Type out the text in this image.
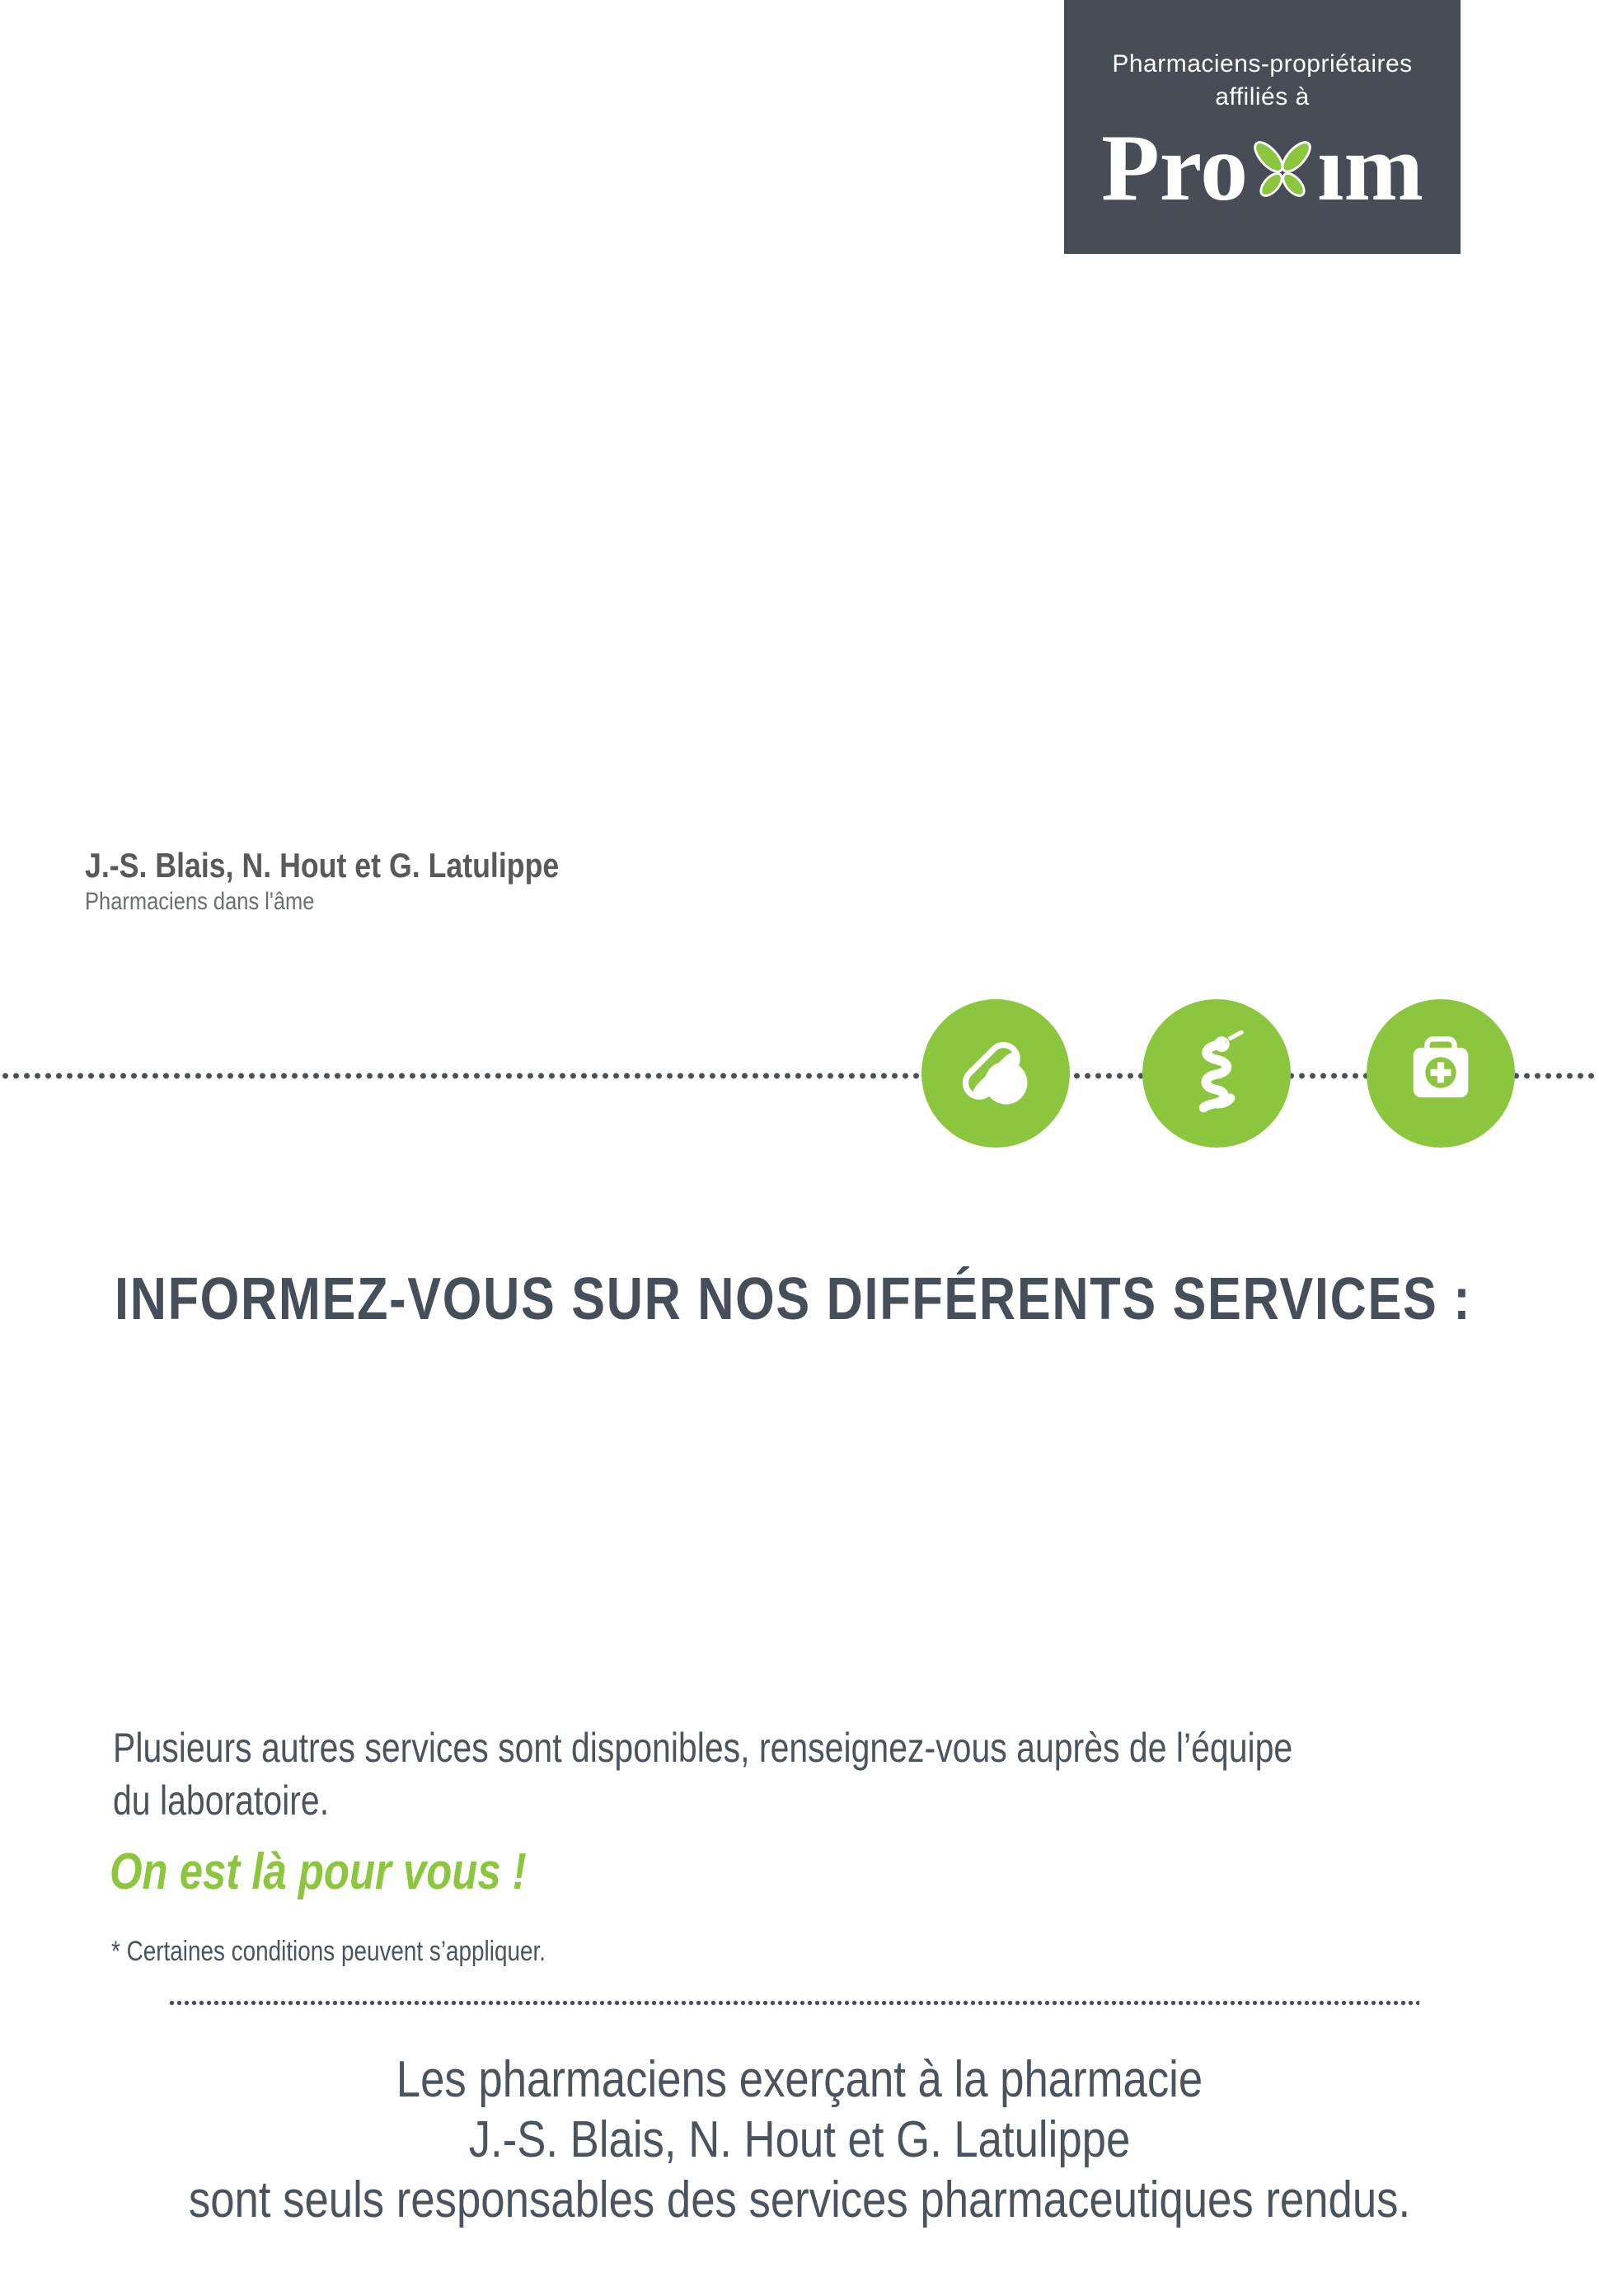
Pharmaciens-propriétaires
affiliés à
Pro ım
J.-S. Blais, N. Hout et G. Latulippe
Pharmaciens dans l'âme
INFORMEZ-VOUS SUR NOS DIFFÉRENTS SERVICES :
Plusieurs autres services sont disponibles, renseignez-vous auprès de l’équipe
du laboratoire.
On est là pour vous !
* Certaines conditions peuvent s’appliquer.
Les pharmaciens exerçant à la pharmacie
J.-S. Blais, N. Hout et G. Latulippe
sont seuls responsables des services pharmaceutiques rendus.
